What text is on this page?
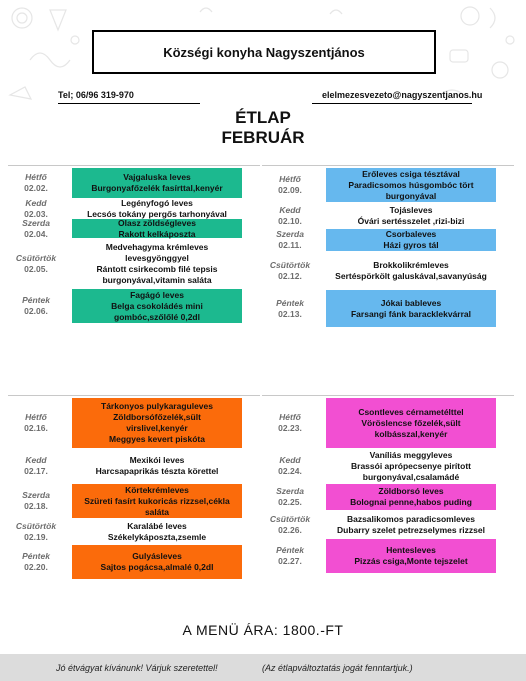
Községi konyha Nagyszentjános
Tel; 06/96 319-970	elelmezesvezeto@nagyszentjanos.hu
ÉTLAP
FEBRUÁR
Hétfő
02.02.
Vajgaluska leves
Burgonyafőzelék fasírttal,kenyér
Kedd
02.03.
Legényfogó leves
Lecsós tokány pergős tarhonyával
Szerda
02.04.
Olasz zöldségleves
Rakott kelkáposzta
Csütörtök
02.05.
Medvehagyma krémleves
levesgyönggyel
Rántott csirkecomb filé tepsis
burgonyával,vitamin saláta
Péntek
02.06.
Fagágó leves
Belga csokoládés mini
gombóc,szőlőlé 0,2dl
Hétfő
02.09.
Erőleves csiga tésztával
Paradicsomos húsgombóc tört
burgonyával
Kedd
02.10.
Tojásleves
Óvári sertésszelet ,rizi-bizi
Szerda
02.11.
Csorbaleves
Házi gyros tál
Csütörtök
02.12.
Brokkolikrémleves
Sertéspörkölt galuskával,savanyúság
Péntek
02.13.
Jókai bableves
Farsangi fánk baracklekvárral
Hétfő
02.16.
Tárkonyos pulykaraguleves
Zöldborsófőzelék,sült
virslivel,kenyér
Meggyes kevert piskóta
Kedd
02.17.
Mexikói leves
Harcsapaprikás tészta körettel
Szerda
02.18.
Körtekrémleves
Szüreti fasírt kukoricás rizzsel,cékla
saláta
Csütörtök
02.19.
Karalábé leves
Székelykáposzta,zsemle
Péntek
02.20.
Gulyásleves
Sajtos pogácsa,almalé 0,2dl
Hétfő
02.23.
Csontleves cérnametélttel
Vöröslencse főzelék,sült kolbásszal,kenyér
Kedd
02.24.
Vaníliás meggyleves
Brassói aprópecsenye pirított
burgonyával,csalamádé
Szerda
02.25.
Zöldborsó leves
Bolognai penne,habos puding
Csütörtök
02.26.
Bazsalikomos paradicsomleves
Dubarry szelet petrezselymes rizzsel
Péntek
02.27.
Hentesleves
Pizzás csiga,Monte tejszelet
A MENÜ ÁRA: 1800.-FT
Jó étvágyat kívánunk! Várjuk szeretettel!	(Az étlapváltoztatás jogát fenntartjuk.)
